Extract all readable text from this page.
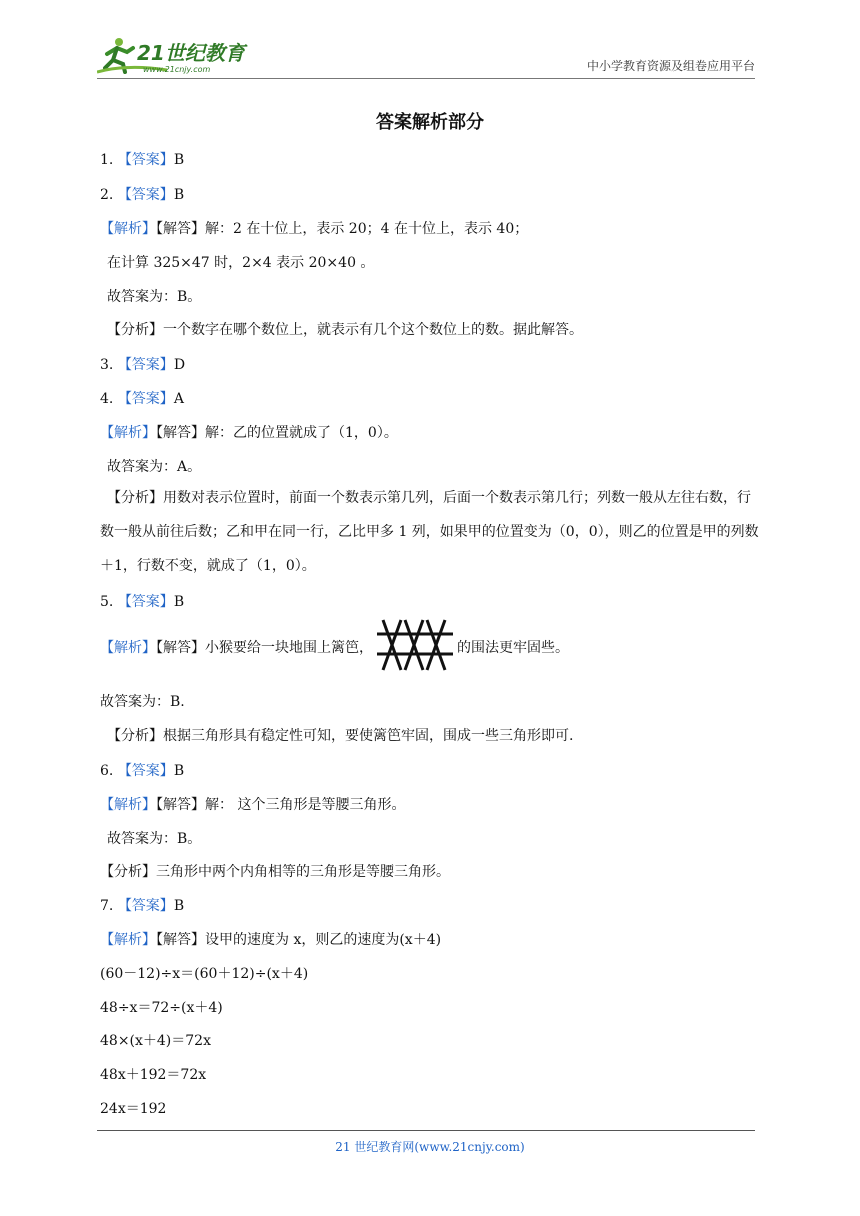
21世纪教育
www.21cnjy.com	中小学教育资源及组卷应用平台
答案解析部分
1. 【答案】B
2. 【答案】B
【解析】【解答】解：2 在十位上，表示 20；4 在十位上，表示 40；
在计算 325×47 时，2×4 表示 20×40 。
故答案为：B。
【分析】一个数字在哪个数位上，就表示有几个这个数位上的数。据此解答。
3. 【答案】D
4. 【答案】A
【解析】【解答】解：乙的位置就成了（1，0）。
故答案为：A。
5. 【答案】B
故答案为：B.
【分析】根据三角形具有稳定性可知，要使篱笆牢固，围成一些三角形即可.
6. 【答案】B
【解析】【解答】解： 这个三角形是等腰三角形。
故答案为：B。
【分析】三角形中两个内角相等的三角形是等腰三角形。
7. 【答案】B
【解析】【解答】设甲的速度为 x，则乙的速度为(x＋4)
(60－12)÷x＝(60＋12)÷(x＋4)
48÷x＝72÷(x＋4)
48×(x＋4)＝72x
48x＋192＝72x
24x＝192
【分析】用数对表示位置时，前面一个数表示第几列，后面一个数表示第几行；列数一般从左往右数，行数一般从前往后数；乙和甲在同一行，乙比甲多 1 列，如果甲的位置变为（0，0），则乙的位置是甲的列数＋1，行数不变，就成了（1，0）。
【解析】【解答】小猴要给一块地围上篱笆，	的围法更牢固些。
21 世纪教育网(www.21cnjy.com)
